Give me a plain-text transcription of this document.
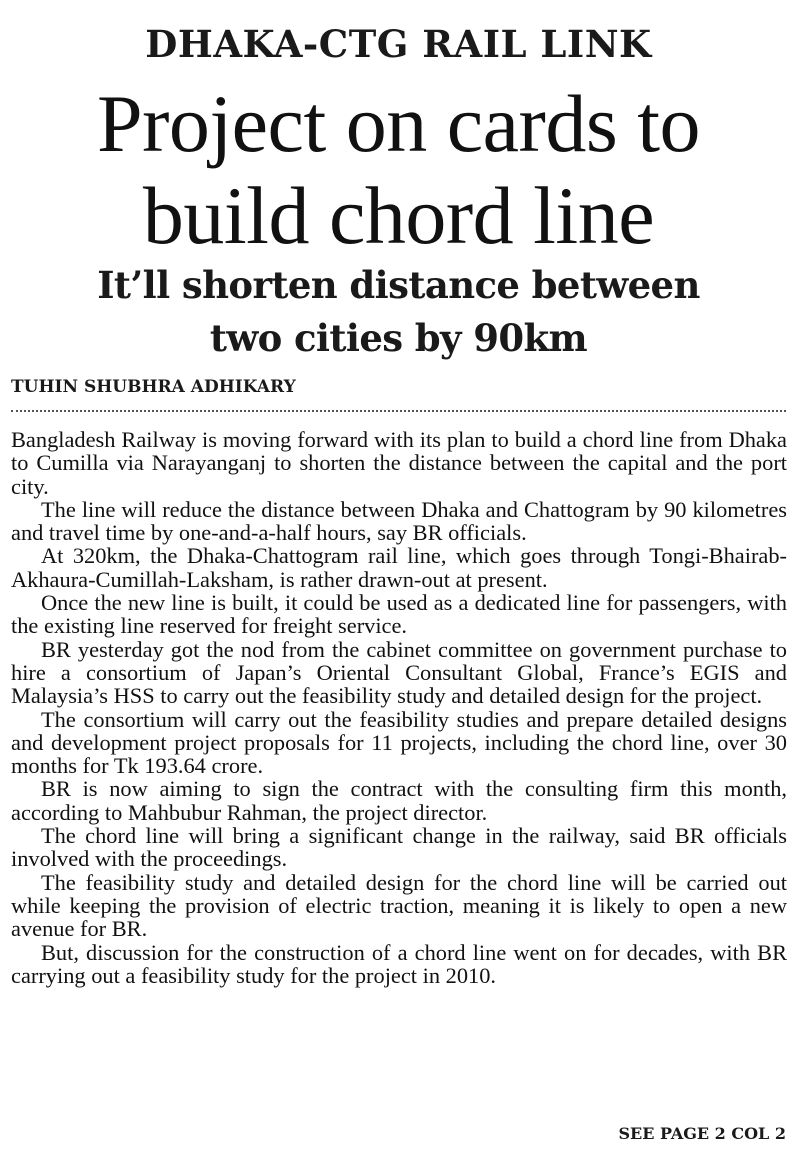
DHAKA-CTG RAIL LINK
Project on cards to
build chord line
It’ll shorten distance between
two cities by 90km
TUHIN SHUBHRA ADHIKARY

Bangladesh Railway is moving forward with its plan to build a chord line from Dhaka to Cumilla via Narayanganj to shorten the distance between the capital and the port city.

The line will reduce the distance between Dhaka and Chattogram by 90 kilometres and travel time by one-and-a-half hours, say BR officials.

At 320km, the Dhaka-Chattogram rail line, which goes through Tongi-Bhairab-Akhaura-Cumillah-Laksham, is rather drawn-out at present.

Once the new line is built, it could be used as a dedicated line for passengers, with the existing line reserved for freight service.

BR yesterday got the nod from the cabinet committee on government purchase to hire a consortium of Japan’s Oriental Consultant Global, France’s EGIS and Malaysia’s HSS to carry out the feasibility study and detailed design for the project.

The consortium will carry out the feasibility studies and prepare detailed designs and development project proposals for 11 projects, including the chord line, over 30 months for Tk 193.64 crore.

BR is now aiming to sign the contract with the consulting firm this month, according to Mahbubur Rahman, the project director.

The chord line will bring a significant change in the railway, said BR officials involved with the proceedings.

The feasibility study and detailed design for the chord line will be carried out while keeping the provision of electric traction, meaning it is likely to open a new avenue for BR.

But, discussion for the construction of a chord line went on for decades, with BR carrying out a feasibility study for the project in 2010.

SEE PAGE 2 COL 2
